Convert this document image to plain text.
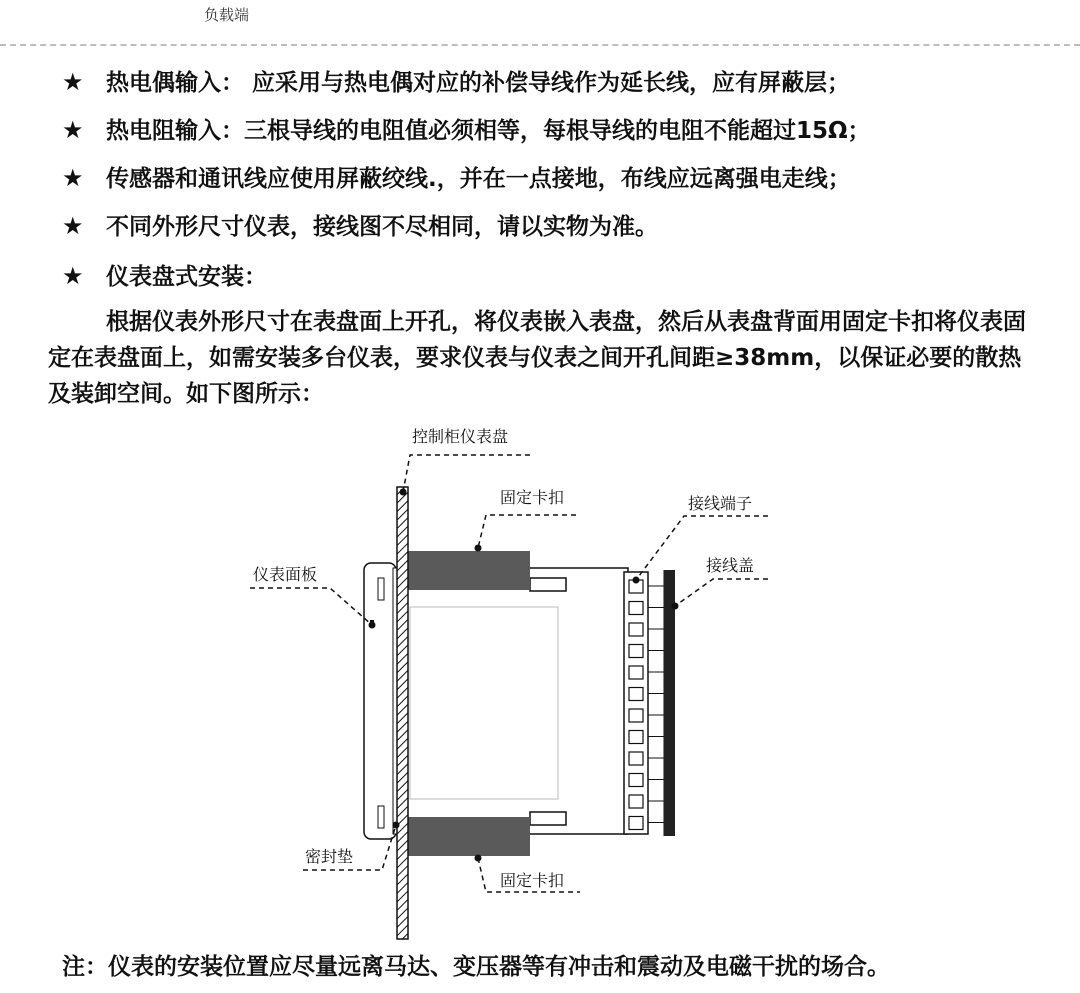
负载端
★ 热电偶输入： 应采用与热电偶对应的补偿导线作为延长线，应有屏蔽层；
★ 热电阻输入：三根导线的电阻值必须相等，每根导线的电阻不能超过15Ω；
★ 传感器和通讯线应使用屏蔽绞线.，并在一点接地，布线应远离强电走线；
★ 不同外形尺寸仪表，接线图不尽相同，请以实物为准。
★ 仪表盘式安装：
根据仪表外形尺寸在表盘面上开孔，将仪表嵌入表盘，然后从表盘背面用固定卡扣将仪表固定在表盘面上，如需安装多台仪表，要求仪表与仪表之间开孔间距≥38mm，以保证必要的散热及装卸空间。如下图所示：
控制柜仪表盘
固定卡扣	接线端子
仪表面板	接线盖
密封垫
固定卡扣
注：仪表的安装位置应尽量远离马达、变压器等有冲击和震动及电磁干扰的场合。
